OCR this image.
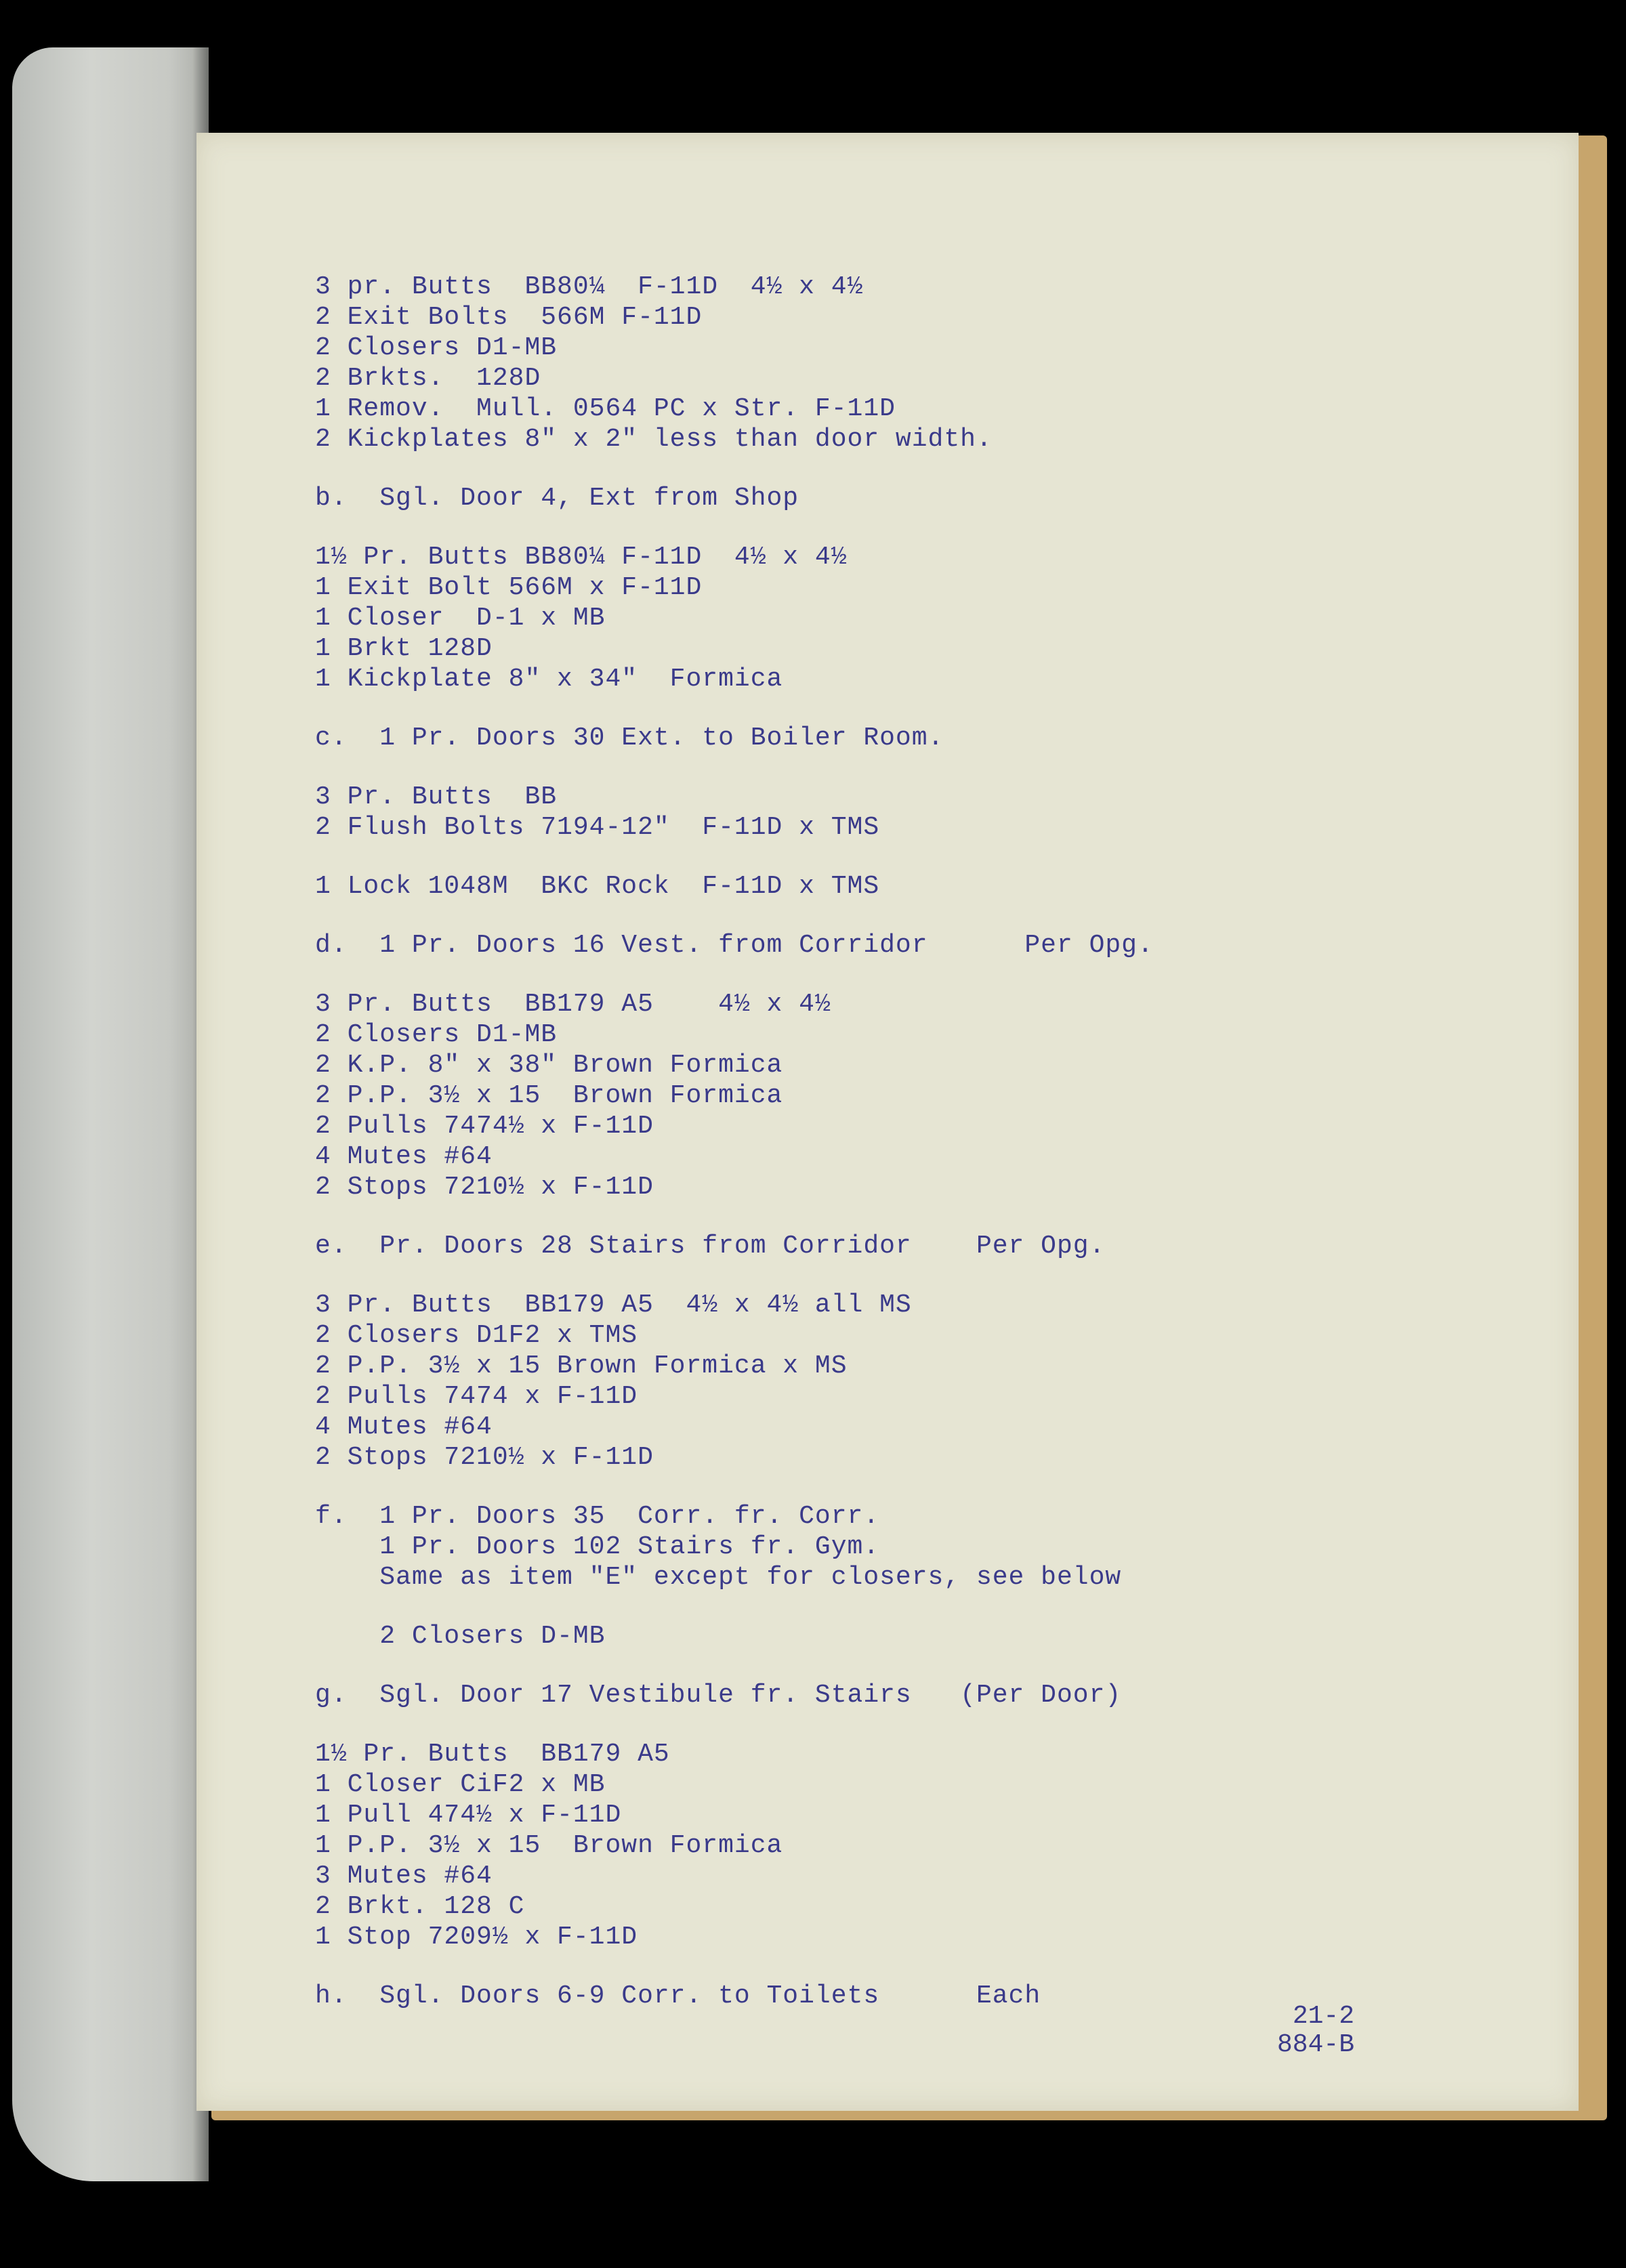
3 pr. Butts  BB80¼  F-11D  4½ x 4½
2 Exit Bolts  566M F-11D
2 Closers D1-MB
2 Brkts.  128D
1 Remov.  Mull. 0564 PC x Str. F-11D
2 Kickplates 8" x 2" less than door width.
b.  Sgl. Door 4, Ext from Shop
1½ Pr. Butts BB80¼ F-11D  4½ x 4½
1 Exit Bolt 566M x F-11D
1 Closer  D-1 x MB
1 Brkt 128D
1 Kickplate 8" x 34"  Formica
c.  1 Pr. Doors 30 Ext. to Boiler Room.
3 Pr. Butts  BB
2 Flush Bolts 7194-12"  F-11D x TMS
1 Lock 1048M  BKC Rock  F-11D x TMS
d.  1 Pr. Doors 16 Vest. from Corridor      Per Opg.
3 Pr. Butts  BB179 A5    4½ x 4½
2 Closers D1-MB
2 K.P. 8" x 38" Brown Formica
2 P.P. 3½ x 15  Brown Formica
2 Pulls 7474½ x F-11D
4 Mutes #64
2 Stops 7210½ x F-11D
e.  Pr. Doors 28 Stairs from Corridor    Per Opg.
3 Pr. Butts  BB179 A5  4½ x 4½ all MS
2 Closers D1F2 x TMS
2 P.P. 3½ x 15 Brown Formica x MS
2 Pulls 7474 x F-11D
4 Mutes #64
2 Stops 7210½ x F-11D
f.  1 Pr. Doors 35  Corr. fr. Corr.
1 Pr. Doors 102 Stairs fr. Gym.
Same as item "E" except for closers, see below
2 Closers D-MB
g.  Sgl. Door 17 Vestibule fr. Stairs   (Per Door)
1½ Pr. Butts  BB179 A5
1 Closer CiF2 x MB
1 Pull 474½ x F-11D
1 P.P. 3½ x 15  Brown Formica
3 Mutes #64
2 Brkt. 128 C
1 Stop 7209½ x F-11D
h.  Sgl. Doors 6-9 Corr. to Toilets      Each
21-2
884-B
